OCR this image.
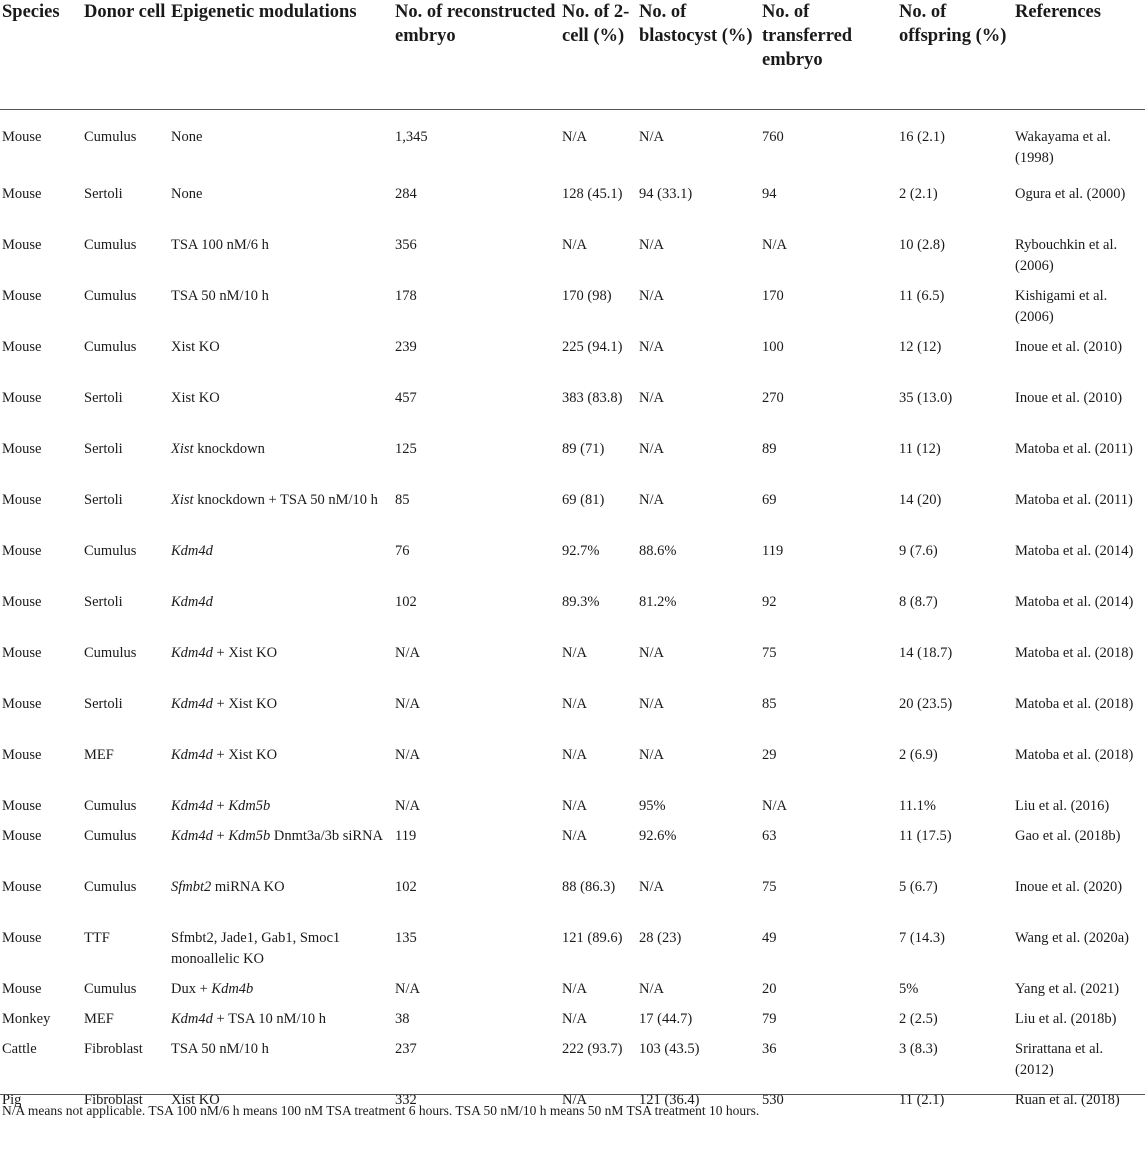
Species	Donor cell	Epigenetic modulations	No. of reconstructed embryo	No. of 2-cell (%)	No. of blastocyst (%)	No. of transferred embryo	No. of offspring (%)	References
Mouse	Cumulus	None	1,345	N/A	N/A	760	16 (2.1)	Wakayama et al. (1998)
Mouse	Sertoli	None	284	128 (45.1)	94 (33.1)	94	2 (2.1)	Ogura et al. (2000)
Mouse	Cumulus	TSA 100 nM/6 h	356	N/A	N/A	N/A	10 (2.8)	Rybouchkin et al. (2006)
Mouse	Cumulus	TSA 50 nM/10 h	178	170 (98)	N/A	170	11 (6.5)	Kishigami et al. (2006)
Mouse	Cumulus	Xist KO	239	225 (94.1)	N/A	100	12 (12)	Inoue et al. (2010)
Mouse	Sertoli	Xist KO	457	383 (83.8)	N/A	270	35 (13.0)	Inoue et al. (2010)
Mouse	Sertoli	Xist knockdown	125	89 (71)	N/A	89	11 (12)	Matoba et al. (2011)
Mouse	Sertoli	Xist knockdown + TSA 50 nM/10 h	85	69 (81)	N/A	69	14 (20)	Matoba et al. (2011)
Mouse	Cumulus	Kdm4d	76	92.7%	88.6%	119	9 (7.6)	Matoba et al. (2014)
Mouse	Sertoli	Kdm4d	102	89.3%	81.2%	92	8 (8.7)	Matoba et al. (2014)
Mouse	Cumulus	Kdm4d + Xist KO	N/A	N/A	N/A	75	14 (18.7)	Matoba et al. (2018)
Mouse	Sertoli	Kdm4d + Xist KO	N/A	N/A	N/A	85	20 (23.5)	Matoba et al. (2018)
Mouse	MEF	Kdm4d + Xist KO	N/A	N/A	N/A	29	2 (6.9)	Matoba et al. (2018)
Mouse	Cumulus	Kdm4d + Kdm5b	N/A	N/A	95%	N/A	11.1%	Liu et al. (2016)
Mouse	Cumulus	Kdm4d + Kdm5b Dnmt3a/3b siRNA	119	N/A	92.6%	63	11 (17.5)	Gao et al. (2018b)
Mouse	Cumulus	Sfmbt2 miRNA KO	102	88 (86.3)	N/A	75	5 (6.7)	Inoue et al. (2020)
Mouse	TTF	Sfmbt2, Jade1, Gab1, Smoc1 monoallelic KO	135	121 (89.6)	28 (23)	49	7 (14.3)	Wang et al. (2020a)
Mouse	Cumulus	Dux + Kdm4b	N/A	N/A	N/A	20	5%	Yang et al. (2021)
Monkey	MEF	Kdm4d + TSA 10 nM/10 h	38	N/A	17 (44.7)	79	2 (2.5)	Liu et al. (2018b)
Cattle	Fibroblast	TSA 50 nM/10 h	237	222 (93.7)	103 (43.5)	36	3 (8.3)	Srirattana et al. (2012)
Pig	Fibroblast	Xist KO	332	N/A	121 (36.4)	530	11 (2.1)	Ruan et al. (2018)
N/A means not applicable. TSA 100 nM/6 h means 100 nM TSA treatment 6 hours. TSA 50 nM/10 h means 50 nM TSA treatment 10 hours.
